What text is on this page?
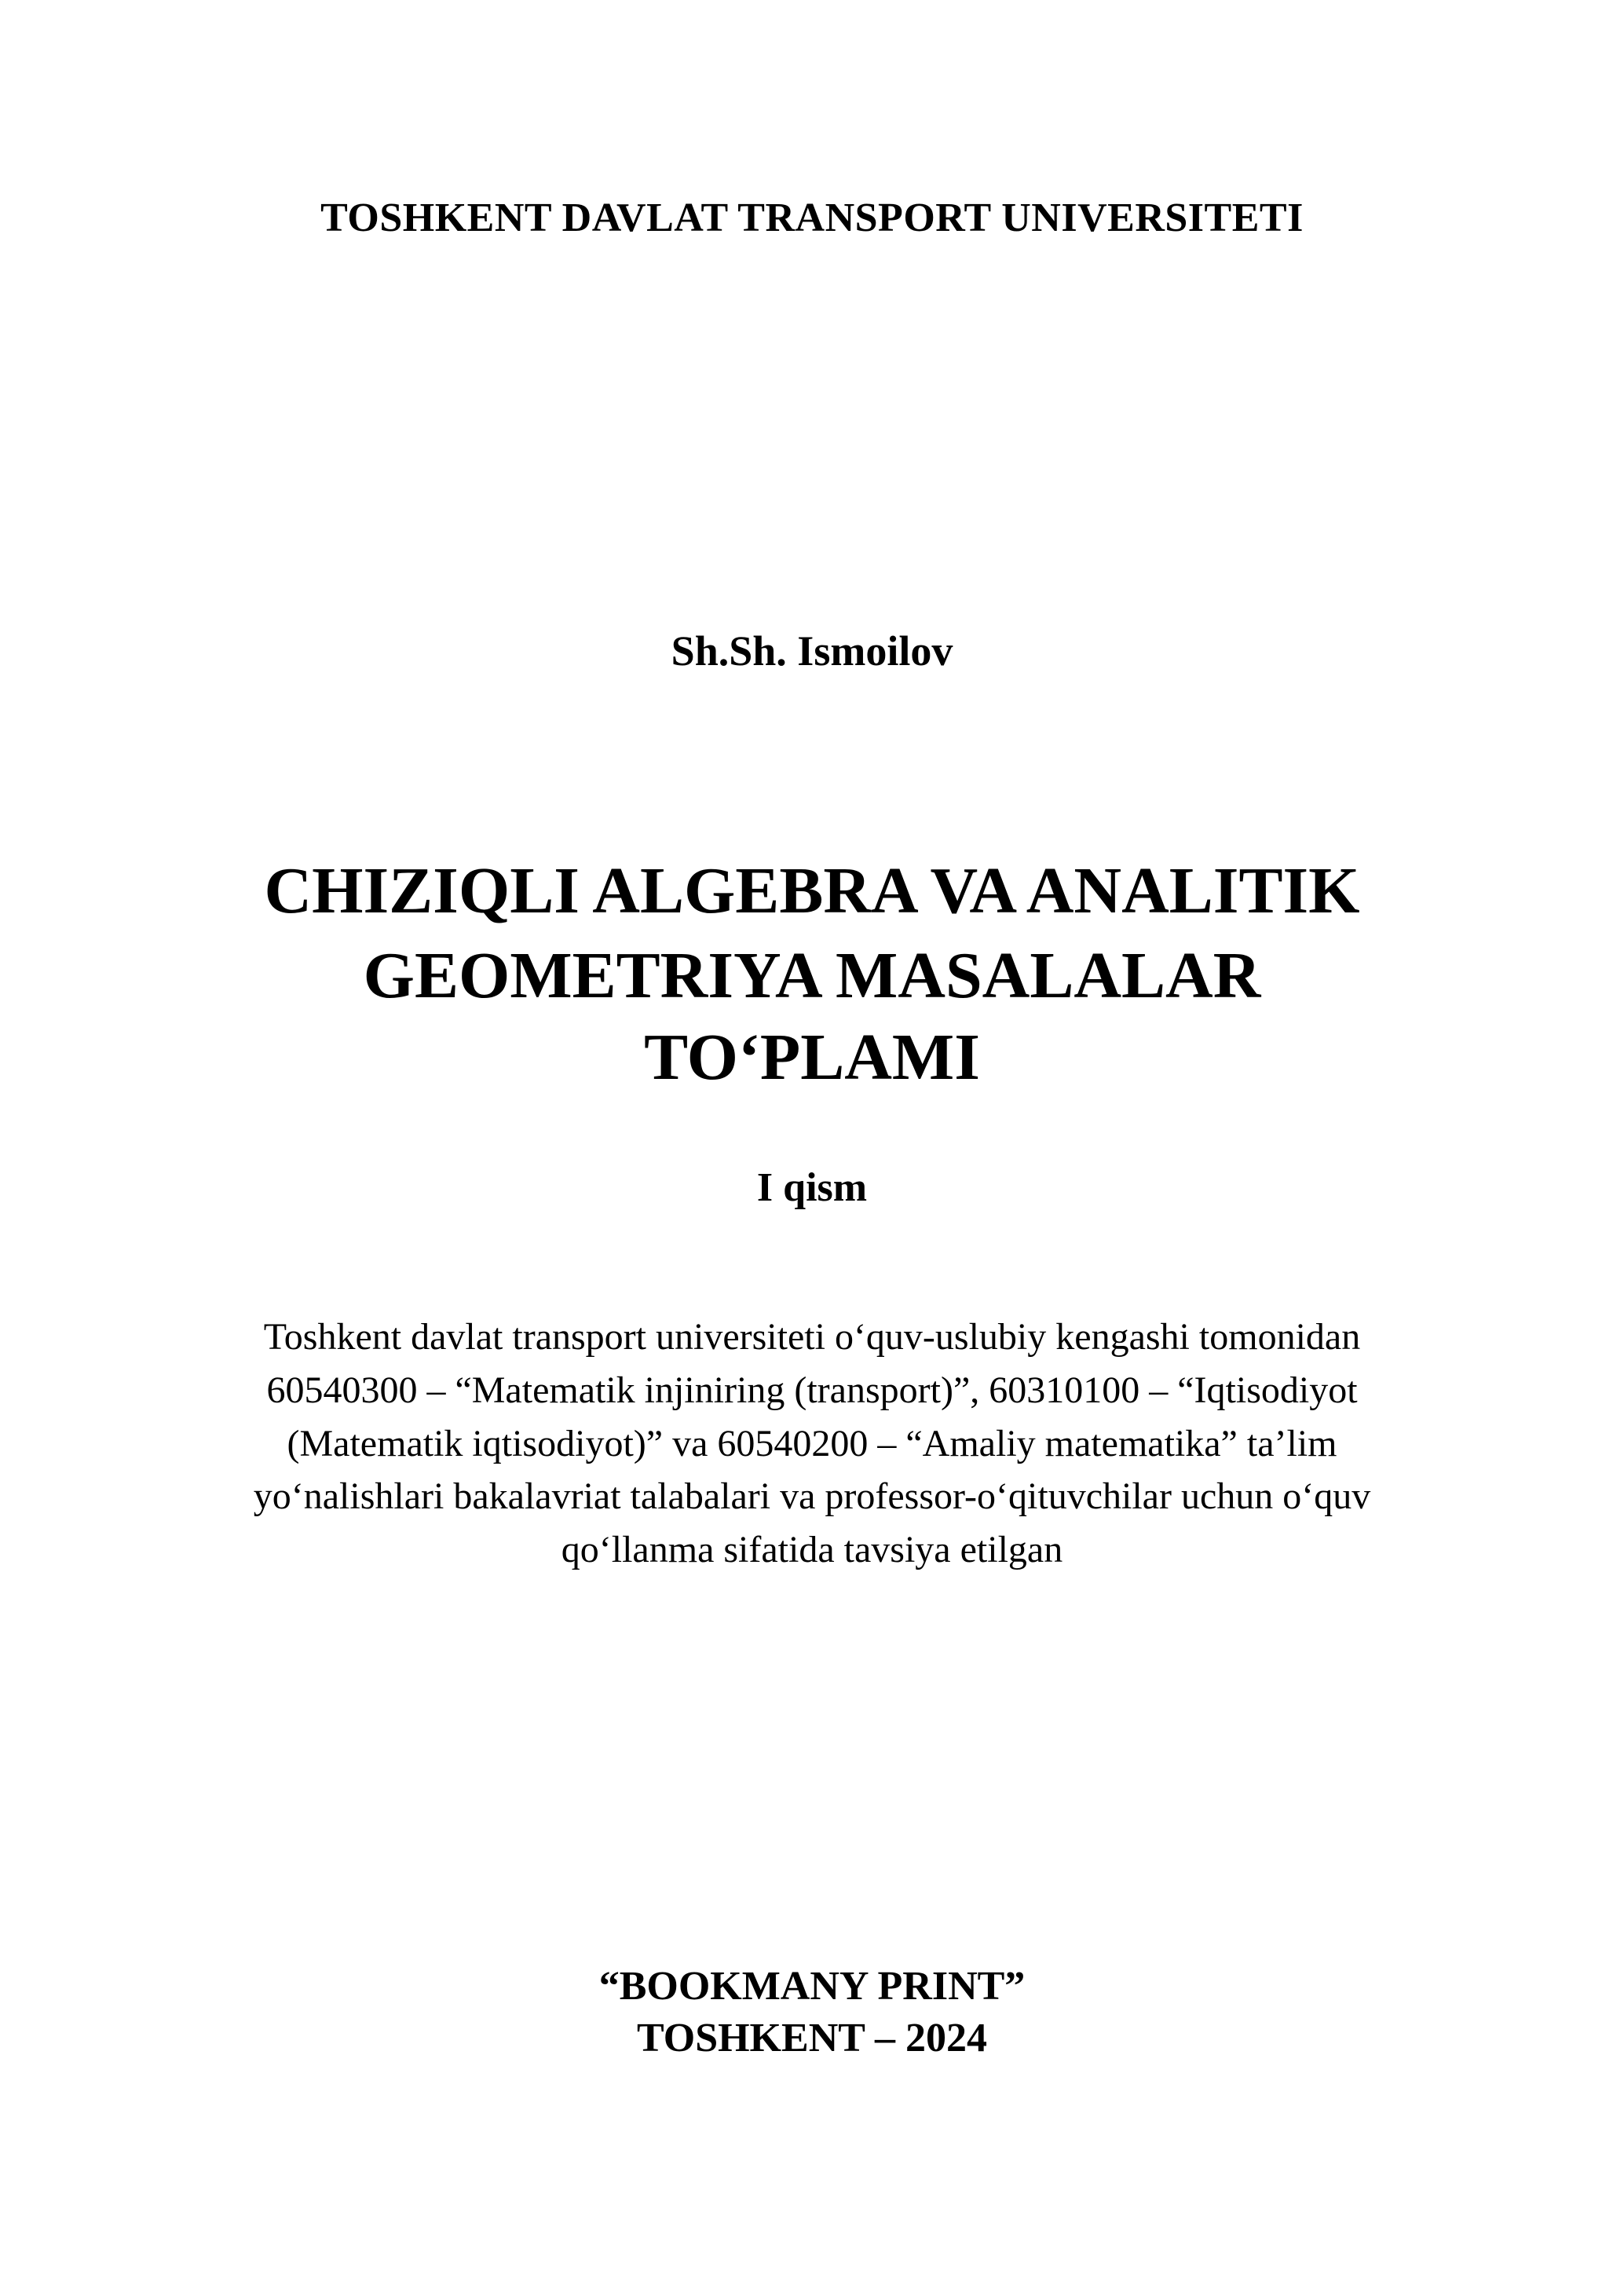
TOSHKENT DAVLAT TRANSPORT UNIVERSITETI
Sh.Sh. Ismoilov
CHIZIQLI ALGEBRA VA ANALITIK
GEOMETRIYA MASALALAR
TO‘PLAMI
I qism
Toshkent davlat transport universiteti o‘quv-uslubiy kengashi tomonidan
60540300 – “Matematik injiniring (transport)”, 60310100 – “Iqtisodiyot
(Matematik iqtisodiyot)” va 60540200 – “Amaliy matematika” ta’lim
yo‘nalishlari bakalavriat talabalari va professor-o‘qituvchilar uchun o‘quv
qo‘llanma sifatida tavsiya etilgan
“BOOKMANY PRINT”
TOSHKENT – 2024
